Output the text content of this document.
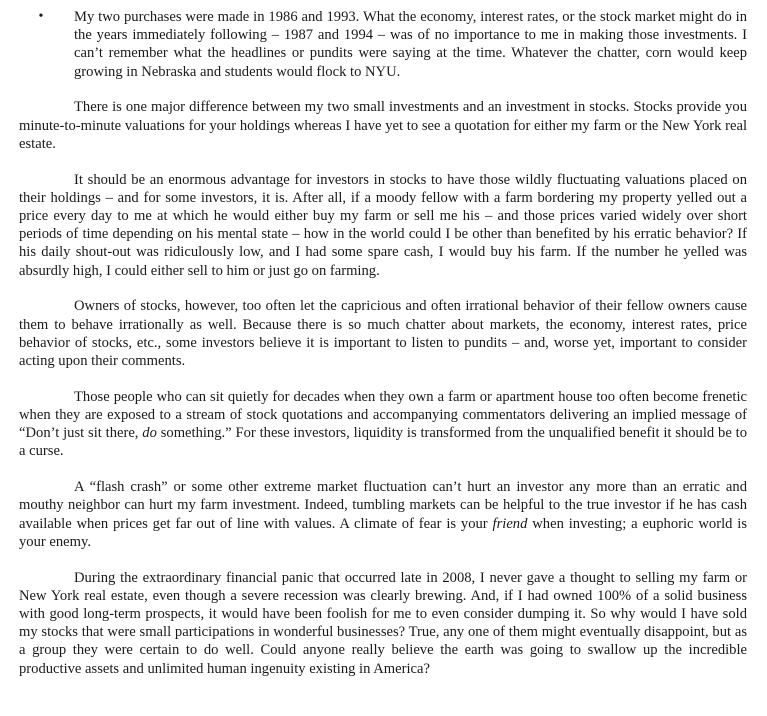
• My two purchases were made in 1986 and 1993. What the economy, interest rates, or the stock market might do in the years immediately following – 1987 and 1994 – was of no importance to me in making those investments. I can’t remember what the headlines or pundits were saying at the time. Whatever the chatter, corn would keep growing in Nebraska and students would flock to NYU.

There is one major difference between my two small investments and an investment in stocks. Stocks provide you minute-to-minute valuations for your holdings whereas I have yet to see a quotation for either my farm or the New York real estate.

It should be an enormous advantage for investors in stocks to have those wildly fluctuating valuations placed on their holdings – and for some investors, it is. After all, if a moody fellow with a farm bordering my property yelled out a price every day to me at which he would either buy my farm or sell me his – and those prices varied widely over short periods of time depending on his mental state – how in the world could I be other than benefited by his erratic behavior? If his daily shout-out was ridiculously low, and I had some spare cash, I would buy his farm. If the number he yelled was absurdly high, I could either sell to him or just go on farming.

Owners of stocks, however, too often let the capricious and often irrational behavior of their fellow owners cause them to behave irrationally as well. Because there is so much chatter about markets, the economy, interest rates, price behavior of stocks, etc., some investors believe it is important to listen to pundits – and, worse yet, important to consider acting upon their comments.

Those people who can sit quietly for decades when they own a farm or apartment house too often become frenetic when they are exposed to a stream of stock quotations and accompanying commentators delivering an implied message of “Don’t just sit there, do something.” For these investors, liquidity is transformed from the unqualified benefit it should be to a curse.

A “flash crash” or some other extreme market fluctuation can’t hurt an investor any more than an erratic and mouthy neighbor can hurt my farm investment. Indeed, tumbling markets can be helpful to the true investor if he has cash available when prices get far out of line with values. A climate of fear is your friend when investing; a euphoric world is your enemy.

During the extraordinary financial panic that occurred late in 2008, I never gave a thought to selling my farm or New York real estate, even though a severe recession was clearly brewing. And, if I had owned 100% of a solid business with good long-term prospects, it would have been foolish for me to even consider dumping it. So why would I have sold my stocks that were small participations in wonderful businesses? True, any one of them might eventually disappoint, but as a group they were certain to do well. Could anyone really believe the earth was going to swallow up the incredible productive assets and unlimited human ingenuity existing in America?
